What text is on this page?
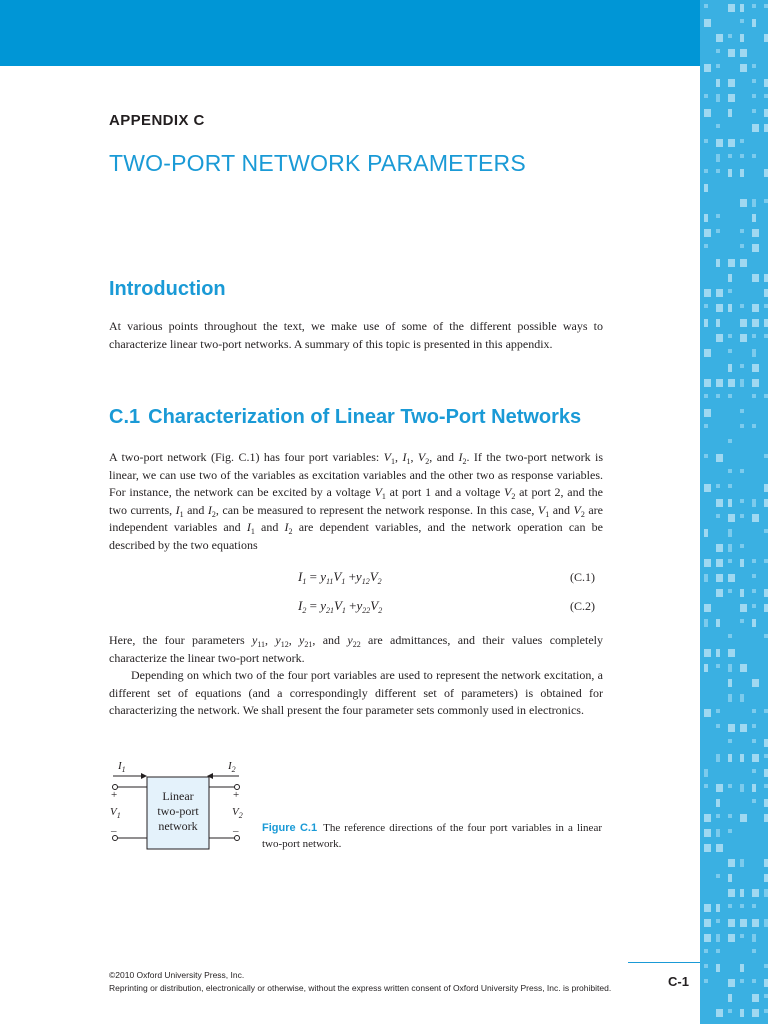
APPENDIX C
TWO-PORT NETWORK PARAMETERS
Introduction

At various points throughout the text, we make use of some of the different possible ways to characterize linear two-port networks. A summary of this topic is presented in this appendix.

C.1 Characterization of Linear Two-Port Networks

A two-port network (Fig. C.1) has four port variables: $V_1$, $I_1$, $V_2$, and $I_2$. If the two-port network is linear, we can use two of the variables as excitation variables and the other two as response variables. For instance, the network can be excited by a voltage $V_1$ at port 1 and a voltage $V_2$ at port 2, and the two currents, $I_1$ and $I_2$, can be measured to represent the network response. In this case, $V_1$ and $V_2$ are independent variables and $I_1$ and $I_2$ are dependent variables, and the network operation can be described by the two equations

$I_1 = y_{11}V_1 +y_{12}V_2$	(C.1)
$I_2 = y_{21}V_1 +y_{22}V_2$	(C.2)

Here, the four parameters $y_{11}$, $y_{12}$, $y_{21}$, and $y_{22}$ are admittances, and their values completely characterize the linear two-port network.

Depending on which two of the four port variables are used to represent the network excitation, a different set of equations (and a correspondingly different set of parameters) is obtained for characterizing the network. We shall present the four parameter sets commonly used in electronics.

Linear
two-port
network
$I_1$	$I_2$
+	+
$V_1$	$V_2$
–	– Figure C.1 The reference directions of the four port variables in a linear two-port network.
©2010 Oxford University Press, Inc.
Reprinting or distribution, electronically or otherwise, without the express written consent of Oxford University Press, Inc. is prohibited.	C-1
